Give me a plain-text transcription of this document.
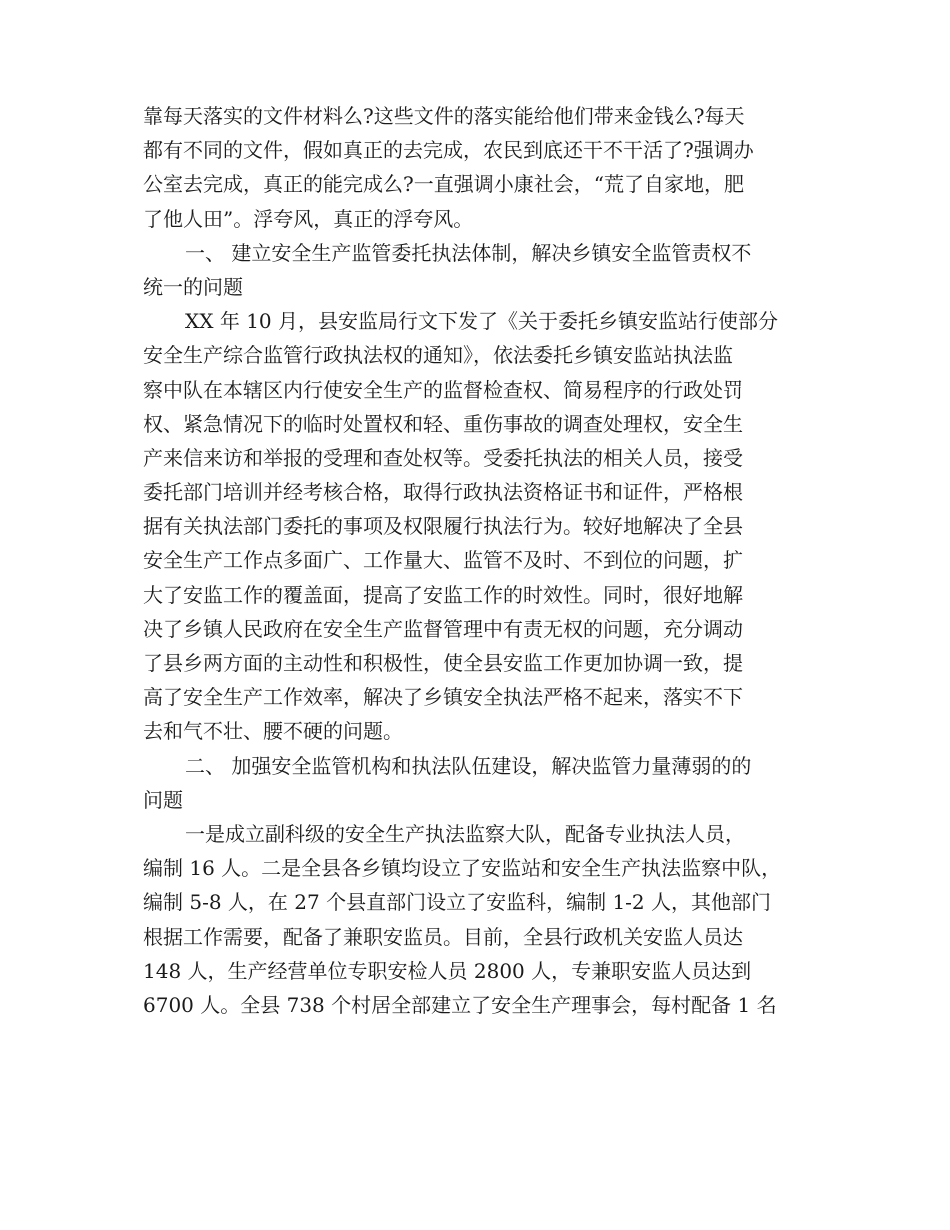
靠每天落实的文件材料么?这些文件的落实能给他们带来金钱么?每天
都有不同的文件，假如真正的去完成，农民到底还干不干活了?强调办
公室去完成，真正的能完成么?一直强调小康社会，“荒了自家地，肥
了他人田”。浮夸风，真正的浮夸风。
一、 建立安全生产监管委托执法体制，解决乡镇安全监管责权不
统一的问题
XX 年 10 月，县安监局行文下发了《关于委托乡镇安监站行使部分
安全生产综合监管行政执法权的通知》，依法委托乡镇安监站执法监
察中队在本辖区内行使安全生产的监督检查权、简易程序的行政处罚
权、紧急情况下的临时处置权和轻、重伤事故的调查处理权，安全生
产来信来访和举报的受理和查处权等。受委托执法的相关人员，接受
委托部门培训并经考核合格，取得行政执法资格证书和证件，严格根
据有关执法部门委托的事项及权限履行执法行为。较好地解决了全县
安全生产工作点多面广、工作量大、监管不及时、不到位的问题，扩
大了安监工作的覆盖面，提高了安监工作的时效性。同时，很好地解
决了乡镇人民政府在安全生产监督管理中有责无权的问题，充分调动
了县乡两方面的主动性和积极性，使全县安监工作更加协调一致，提
高了安全生产工作效率，解决了乡镇安全执法严格不起来，落实不下
去和气不壮、腰不硬的问题。
二、 加强安全监管机构和执法队伍建设，解决监管力量薄弱的的
问题
一是成立副科级的安全生产执法监察大队，配备专业执法人员，
编制 16 人。二是全县各乡镇均设立了安监站和安全生产执法监察中队，
编制 5-8 人，在 27 个县直部门设立了安监科，编制 1-2 人，其他部门
根据工作需要，配备了兼职安监员。目前，全县行政机关安监人员达
148 人，生产经营单位专职安检人员 2800 人，专兼职安监人员达到
6700 人。全县 738 个村居全部建立了安全生产理事会，每村配备 1 名
